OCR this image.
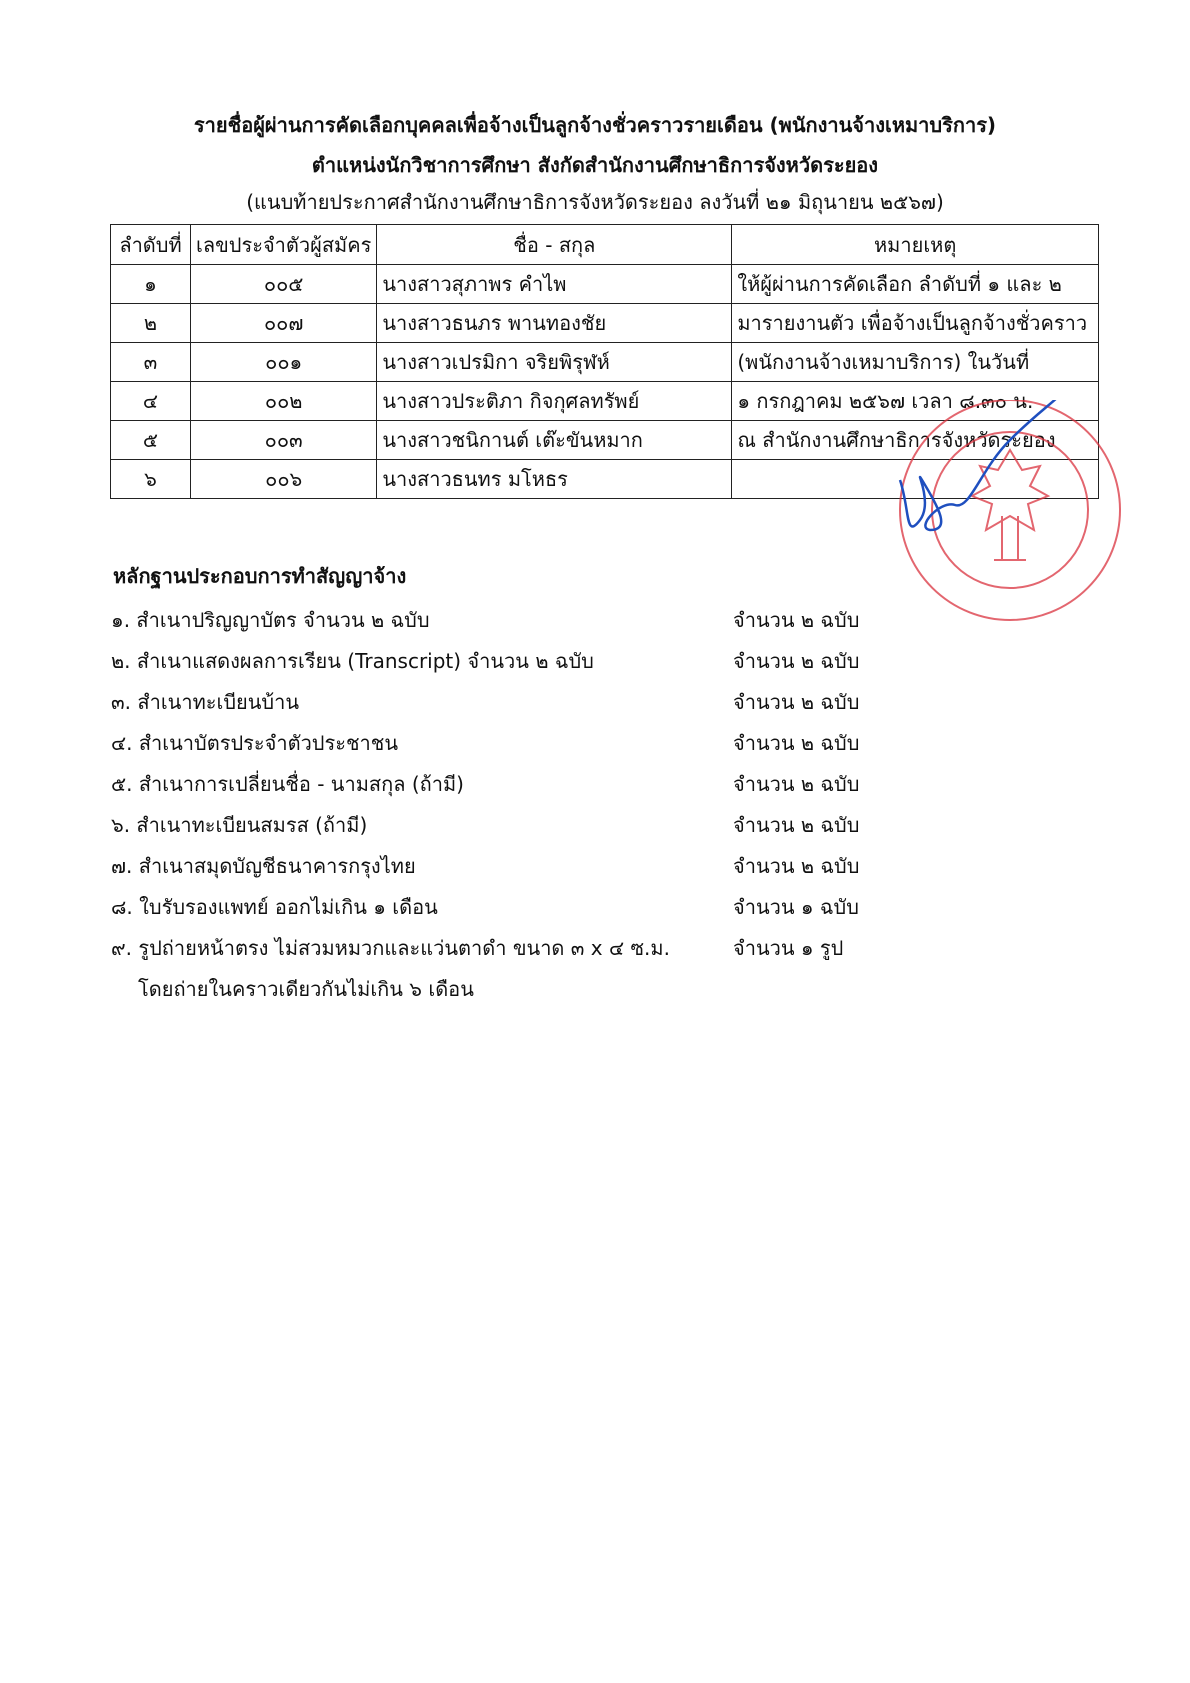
รายชื่อผู้ผ่านการคัดเลือกบุคคลเพื่อจ้างเป็นลูกจ้างชั่วคราวรายเดือน (พนักงานจ้างเหมาบริการ)
ตำแหน่งนักวิชาการศึกษา สังกัดสำนักงานศึกษาธิการจังหวัดระยอง
(แนบท้ายประกาศสำนักงานศึกษาธิการจังหวัดระยอง ลงวันที่ ๒๑ มิถุนายน ๒๕๖๗)
ลำดับที่	เลขประจำตัวผู้สมัคร	ชื่อ - สกุล	หมายเหตุ
๑	๐๐๕	นางสาวสุภาพร คำไพ	ให้ผู้ผ่านการคัดเลือก ลำดับที่ ๑ และ ๒
๒	๐๐๗	นางสาวธนภร พานทองชัย	มารายงานตัว เพื่อจ้างเป็นลูกจ้างชั่วคราว
๓	๐๐๑	นางสาวเปรมิกา จริยพิรุฬห์	(พนักงานจ้างเหมาบริการ) ในวันที่
๔	๐๐๒	นางสาวประติภา กิจกุศลทรัพย์	๑ กรกฎาคม ๒๕๖๗ เวลา ๘.๓๐ น.
๕	๐๐๓	นางสาวชนิกานต์ เต๊ะขันหมาก	ณ สำนักงานศึกษาธิการจังหวัดระยอง
๖	๐๐๖	นางสาวธนทร มโหธร	
หลักฐานประกอบการทำสัญญาจ้าง
๑. สำเนาปริญญาบัตร จำนวน ๒ ฉบับ	จำนวน ๒ ฉบับ
๒. สำเนาแสดงผลการเรียน (Transcript) จำนวน ๒ ฉบับ	จำนวน ๒ ฉบับ
๓. สำเนาทะเบียนบ้าน	จำนวน ๒ ฉบับ
๔. สำเนาบัตรประจำตัวประชาชน	จำนวน ๒ ฉบับ
๕. สำเนาการเปลี่ยนชื่อ - นามสกุล (ถ้ามี)	จำนวน ๒ ฉบับ
๖. สำเนาทะเบียนสมรส (ถ้ามี)	จำนวน ๒ ฉบับ
๗. สำเนาสมุดบัญชีธนาคารกรุงไทย	จำนวน ๒ ฉบับ
๘. ใบรับรองแพทย์ ออกไม่เกิน ๑ เดือน	จำนวน ๑ ฉบับ
๙. รูปถ่ายหน้าตรง ไม่สวมหมวกและแว่นตาดำ ขนาด ๓ x ๔ ซ.ม.	จำนวน ๑ รูป
โดยถ่ายในคราวเดียวกันไม่เกิน ๖ เดือน
